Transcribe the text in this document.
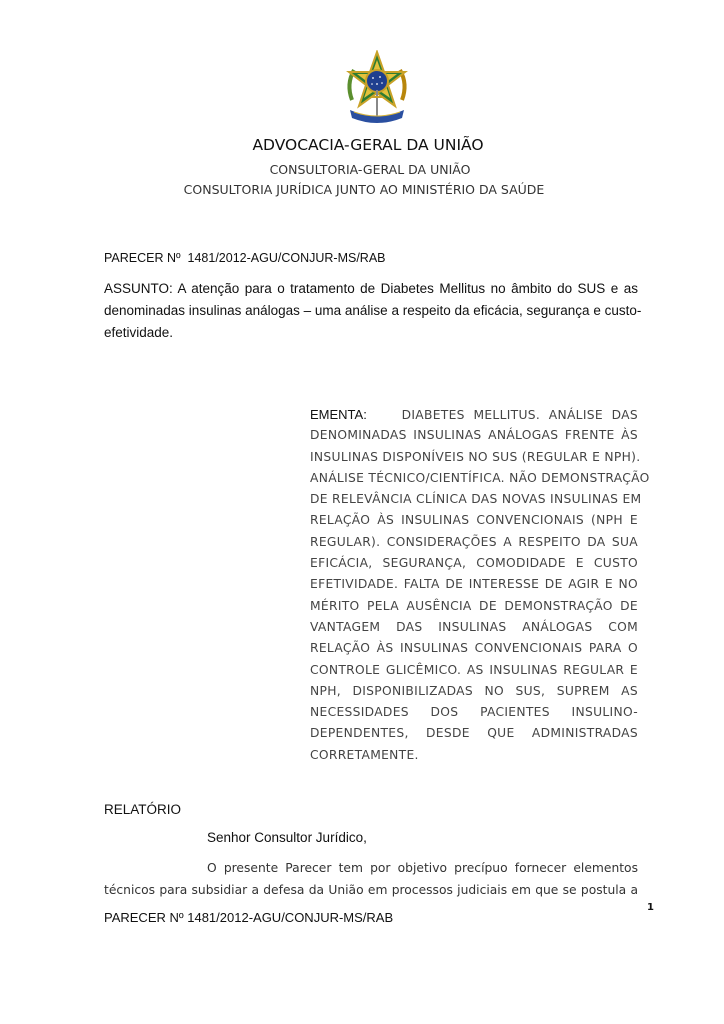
ADVOCACIA-GERAL DA UNIÃO
CONSULTORIA-GERAL DA UNIÃO
CONSULTORIA JURÍDICA JUNTO AO MINISTÉRIO DA SAÚDE
PARECER Nº  1481/2012-AGU/CONJUR-MS/RAB
ASSUNTO: A atenção para o tratamento de Diabetes Mellitus no âmbito do SUS e as
denominadas insulinas análogas – uma análise a respeito da eficácia, segurança e custo-
efetividade.
EMENTA:	DIABETES MELLITUS. ANÁLISE DAS
DENOMINADAS INSULINAS ANÁLOGAS FRENTE ÀS
INSULINAS DISPONÍVEIS NO SUS (REGULAR E NPH).
ANÁLISE TÉCNICO/CIENTÍFICA. NÃO DEMONSTRAÇÃO
DE RELEVÂNCIA CLÍNICA DAS NOVAS INSULINAS EM
RELAÇÃO ÀS INSULINAS CONVENCIONAIS (NPH E
REGULAR). CONSIDERAÇÕES A RESPEITO DA SUA
EFICÁCIA, SEGURANÇA, COMODIDADE E CUSTO
EFETIVIDADE. FALTA DE INTERESSE DE AGIR E NO
MÉRITO PELA AUSÊNCIA DE DEMONSTRAÇÃO DE
VANTAGEM DAS INSULINAS ANÁLOGAS COM
RELAÇÃO ÀS INSULINAS CONVENCIONAIS PARA O
CONTROLE GLICÊMICO. AS INSULINAS REGULAR E
NPH, DISPONIBILIZADAS NO SUS, SUPREM AS
NECESSIDADES DOS PACIENTES INSULINO-
DEPENDENTES, DESDE QUE ADMINISTRADAS
CORRETAMENTE.
RELATÓRIO
Senhor Consultor Jurídico,
O presente Parecer tem por objetivo precípuo fornecer elementos
técnicos para subsidiar a defesa da União em processos judiciais em que se postula a
1
PARECER Nº 1481/2012-AGU/CONJUR-MS/RAB
